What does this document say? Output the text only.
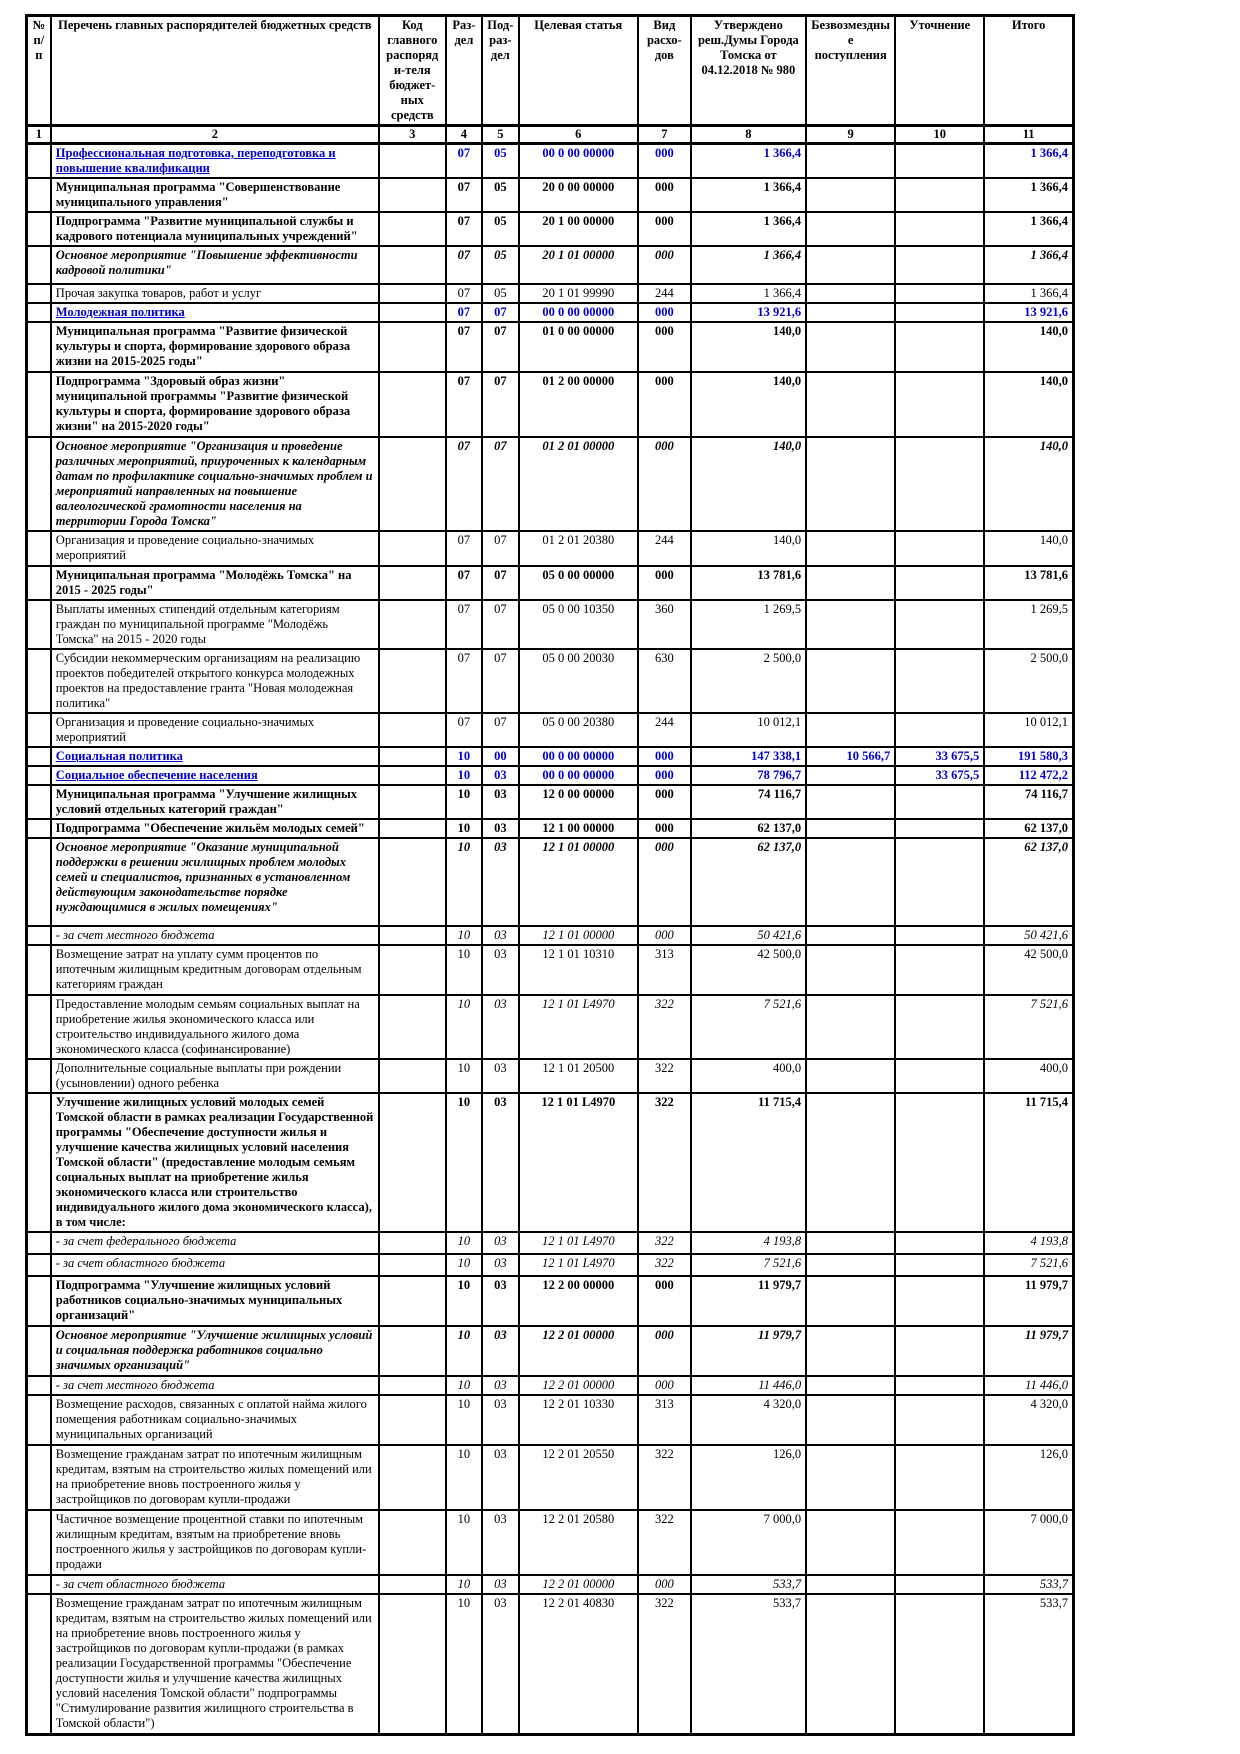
№ п/п	Перечень главных распорядителей бюджетных средств	Код главного распоряди-теля бюджет-ных средств	Раз-дел	Под-раз-дел	Целевая статья	Вид расхо-дов	Утверждено реш.Думы Города Томска от 04.12.2018 № 980	Безвозмездные поступления	Уточнение	Итого
1	2	3	4	5	6	7	8	9	10	11
	Профессиональная подготовка, переподготовка и повышение квалификации		07	05	00 0 00 00000	000	1 366,4			1 366,4
	Муниципальная программа "Совершенствование муниципального управления"		07	05	20 0 00 00000	000	1 366,4			1 366,4
	Подпрограмма "Развитие муниципальной службы и кадрового потенциала муниципальных учреждений"		07	05	20 1 00 00000	000	1 366,4			1 366,4
	Основное мероприятие "Повышение эффективности кадровой политики"		07	05	20 1 01 00000	000	1 366,4			1 366,4
	Прочая закупка товаров, работ и услуг		07	05	20 1 01 99990	244	1 366,4			1 366,4
	Молодежная политика		07	07	00 0 00 00000	000	13 921,6			13 921,6
	Муниципальная программа "Развитие физической культуры и спорта, формирование здорового образа жизни на 2015-2025 годы"		07	07	01 0 00 00000	000	140,0			140,0
	Подпрограмма "Здоровый образ жизни" муниципальной программы "Развитие физической культуры и спорта, формирование здорового образа жизни" на 2015-2020 годы"		07	07	01 2 00 00000	000	140,0			140,0
	Основное мероприятие "Организация и проведение различных мероприятий, приуроченных к календарным датам по профилактике социально-значимых проблем и мероприятий направленных на повышение валеологической грамотности населения на территории Города Томска"		07	07	01 2 01 00000	000	140,0			140,0
	Организация и проведение социально-значимых мероприятий		07	07	01 2 01 20380	244	140,0			140,0
	Муниципальная программа "Молодёжь Томска" на 2015 - 2025 годы"		07	07	05 0 00 00000	000	13 781,6			13 781,6
	Выплаты именных стипендий отдельным категориям граждан по муниципальной программе "Молодёжь Томска" на 2015 - 2020 годы		07	07	05 0 00 10350	360	1 269,5			1 269,5
	Субсидии некоммерческим организациям на реализацию проектов победителей открытого конкурса молодежных проектов на предоставление гранта "Новая молодежная политика"		07	07	05 0 00 20030	630	2 500,0			2 500,0
	Организация и проведение социально-значимых мероприятий		07	07	05 0 00 20380	244	10 012,1			10 012,1
	Социальная политика		10	00	00 0 00 00000	000	147 338,1	10 566,7	33 675,5	191 580,3
	Социальное обеспечение населения		10	03	00 0 00 00000	000	78 796,7		33 675,5	112 472,2
	Муниципальная программа "Улучшение жилищных условий отдельных категорий граждан"		10	03	12 0 00 00000	000	74 116,7			74 116,7
	Подпрограмма "Обеспечение жильём молодых семей"		10	03	12 1 00 00000	000	62 137,0			62 137,0
	Основное мероприятие "Оказание муниципальной поддержки в решении жилищных проблем молодых семей и специалистов, признанных в установленном действующим законодательстве порядке нуждающимися в жилых помещениях"		10	03	12 1 01 00000	000	62 137,0			62 137,0
	- за счет местного бюджета		10	03	12 1 01 00000	000	50 421,6			50 421,6
	Возмещение затрат на уплату сумм процентов по ипотечным жилищным кредитным договорам отдельным категориям граждан		10	03	12 1 01 10310	313	42 500,0			42 500,0
	Предоставление молодым семьям социальных выплат на приобретение жилья экономического класса или строительство индивидуального жилого дома экономического класса (софинансирование)		10	03	12 1 01 L4970	322	7 521,6			7 521,6
	Дополнительные социальные выплаты при рождении (усыновлении) одного ребенка		10	03	12 1 01 20500	322	400,0			400,0
	Улучшение жилищных условий молодых семей Томской области в рамках реализации Государственной программы "Обеспечение доступности жилья и улучшение качества жилищных условий населения Томской области" (предоставление молодым семьям социальных выплат на приобретение жилья экономического класса или строительство индивидуального жилого дома экономического класса), в том числе:		10	03	12 1 01 L4970	322	11 715,4			11 715,4
	- за счет федерального бюджета		10	03	12 1 01 L4970	322	4 193,8			4 193,8
	- за счет областного бюджета		10	03	12 1 01 L4970	322	7 521,6			7 521,6
	Подпрограмма "Улучшение жилищных условий работников социально-значимых муниципальных организаций"		10	03	12 2 00 00000	000	11 979,7			11 979,7
	Основное мероприятие "Улучшение жилищных условий и социальная поддержка работников социально значимых организаций"		10	03	12 2 01 00000	000	11 979,7			11 979,7
	- за счет местного бюджета		10	03	12 2 01 00000	000	11 446,0			11 446,0
	Возмещение расходов, связанных с оплатой найма жилого помещения работникам социально-значимых муниципальных организаций		10	03	12 2 01 10330	313	4 320,0			4 320,0
	Возмещение гражданам затрат по ипотечным жилищным кредитам, взятым на строительство жилых помещений или на приобретение вновь построенного жилья у застройщиков по договорам купли-продажи		10	03	12 2 01 20550	322	126,0			126,0
	Частичное возмещение процентной ставки по ипотечным жилищным кредитам, взятым на приобретение вновь построенного жилья у застройщиков по договорам купли-продажи		10	03	12 2 01 20580	322	7 000,0			7 000,0
	- за счет областного бюджета		10	03	12 2 01 00000	000	533,7			533,7
	Возмещение гражданам затрат по ипотечным жилищным кредитам, взятым на строительство жилых помещений или на приобретение вновь построенного жилья у застройщиков по договорам купли-продажи (в рамках реализации Государственной программы "Обеспечение доступности жилья и улучшение качества жилищных условий населения Томской области" подпрограммы "Стимулирование развития жилищного строительства в Томской области")		10	03	12 2 01 40830	322	533,7			533,7
